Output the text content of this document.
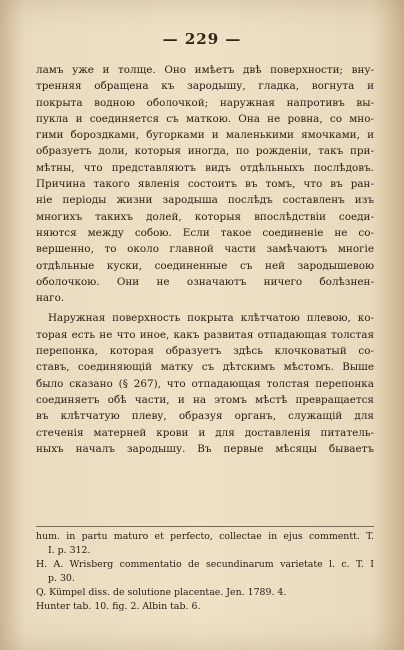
— 229 —
ламъ уже и толще. Оно имѣетъ двѣ поверхности; вну-
тренняя обращена къ зародышу, гладка, вогнута и
покрыта водною оболочкой; наружная напротивъ вы-
пукла и соединяется съ маткою. Она не ровна, со мно-
гими бороздками, бугорками и маленькими ямочками, и
образуетъ доли, которыя иногда, по рожденіи, такъ при-
мѣтны, что представляютъ видъ отдѣльныхъ послѣдовъ.
Причина такого явленія состоитъ въ томъ, что въ ран-
ніе періоды жизни зародыша послѣдъ составленъ изъ
многихъ такихъ долей, которыя впослѣдствіи соеди-
няются между собою. Если такое соединеніе не со-
вершенно, то около главной части замѣчаютъ многіе
отдѣльные куски, соединенные съ ней зародышевою
оболочкою. Они не означаютъ ничего болѣзнен-
наго.
Наружная поверхность покрыта клѣтчатою плевою, ко-
торая есть не что иное, какъ развитая отпадающая толстая
перепонка, которая образуетъ здѣсь клочковатый со-
ставъ, соединяющій матку съ дѣтскимъ мѣстомъ. Выше
было сказано (§ 267), что отпадающая толстая перепонка
соединяетъ обѣ части, и на этомъ мѣстѣ превращается
въ клѣтчатую плеву, образуя органъ, служащій для
стеченія матерней крови и для доставленія питатель-
ныхъ началъ зародышу. Въ первые мѣсяцы бываетъ
hum. in partu maturo et perfecto, collectae in ejus commentt. T.
I. p. 312.
H. A. Wrisberg commentatio de secundinarum varietate l. c. T. I
p. 30.
Q. Kümpel diss. de solutione placentae. Jen. 1789. 4.
Hunter tab. 10. fig. 2. Albin tab. 6.
